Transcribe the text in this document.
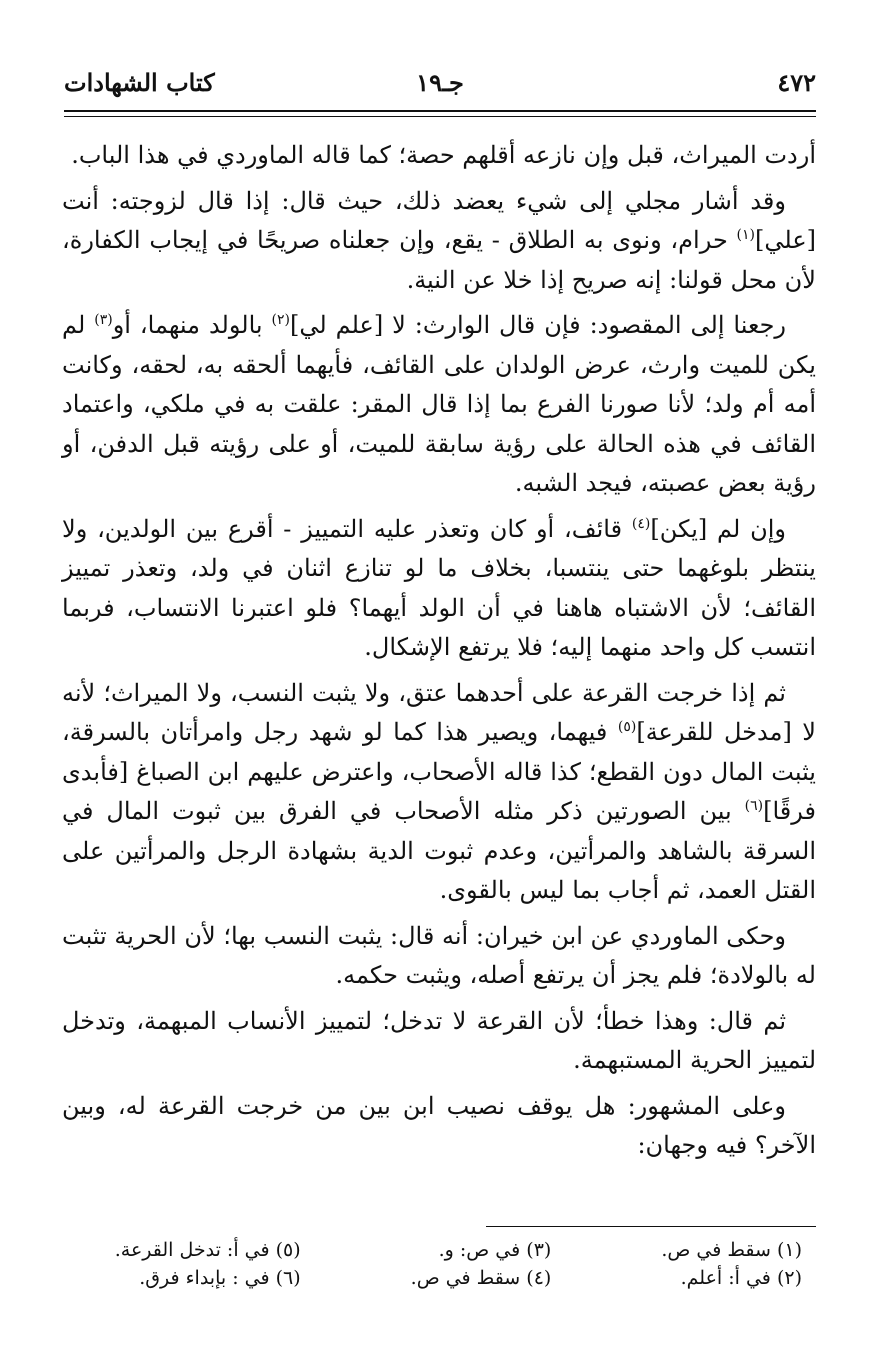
٤٧٢
جـ١٩
كتاب الشهادات

أردت الميراث، قبل وإن نازعه أقلهم حصة؛ كما قاله الماوردي في هذا الباب.

وقد أشار مجلي إلى شيء يعضد ذلك، حيث قال: إذا قال لزوجته: أنت [علي]$^{(١)}$ حرام، ونوى به الطلاق - يقع، وإن جعلناه صريحًا في إيجاب الكفارة، لأن محل قولنا: إنه صريح إذا خلا عن النية.

رجعنا إلى المقصود: فإن قال الوارث: لا [علم لي]$^{(٢)}$ بالولد منهما، أو$^{(٣)}$ لم يكن للميت وارث، عرض الولدان على القائف، فأيهما ألحقه به، لحقه، وكانت أمه أم ولد؛ لأنا صورنا الفرع بما إذا قال المقر: علقت به في ملكي، واعتماد القائف في هذه الحالة على رؤية سابقة للميت، أو على رؤيته قبل الدفن، أو رؤية بعض عصبته، فيجد الشبه.

وإن لم [يكن]$^{(٤)}$ قائف، أو كان وتعذر عليه التمييز - أقرع بين الولدين، ولا ينتظر بلوغهما حتى ينتسبا، بخلاف ما لو تنازع اثنان في ولد، وتعذر تمييز القائف؛ لأن الاشتباه هاهنا في أن الولد أيهما؟ فلو اعتبرنا الانتساب، فربما انتسب كل واحد منهما إليه؛ فلا يرتفع الإشكال.

ثم إذا خرجت القرعة على أحدهما عتق، ولا يثبت النسب، ولا الميراث؛ لأنه لا [مدخل للقرعة]$^{(٥)}$ فيهما، ويصير هذا كما لو شهد رجل وامرأتان بالسرقة، يثبت المال دون القطع؛ كذا قاله الأصحاب، واعترض عليهم ابن الصباغ [فأبدى فرقًا]$^{(٦)}$ بين الصورتين ذكر مثله الأصحاب في الفرق بين ثبوت المال في السرقة بالشاهد والمرأتين، وعدم ثبوت الدية بشهادة الرجل والمرأتين على القتل العمد، ثم أجاب بما ليس بالقوى.

وحكى الماوردي عن ابن خيران: أنه قال: يثبت النسب بها؛ لأن الحرية تثبت له بالولادة؛ فلم يجز أن يرتفع أصله، ويثبت حكمه.

ثم قال: وهذا خطأ؛ لأن القرعة لا تدخل؛ لتمييز الأنساب المبهمة، وتدخل لتمييز الحرية المستبهمة.

وعلى المشهور: هل يوقف نصيب ابن بين من خرجت القرعة له، وبين الآخر؟ فيه وجهان:

(١) سقط في ص.
(٣) في ص: و.
(٥) في أ: تدخل القرعة.
(٢) في أ: أعلم.
(٤) سقط في ص.
(٦) في : بإبداء فرق.
